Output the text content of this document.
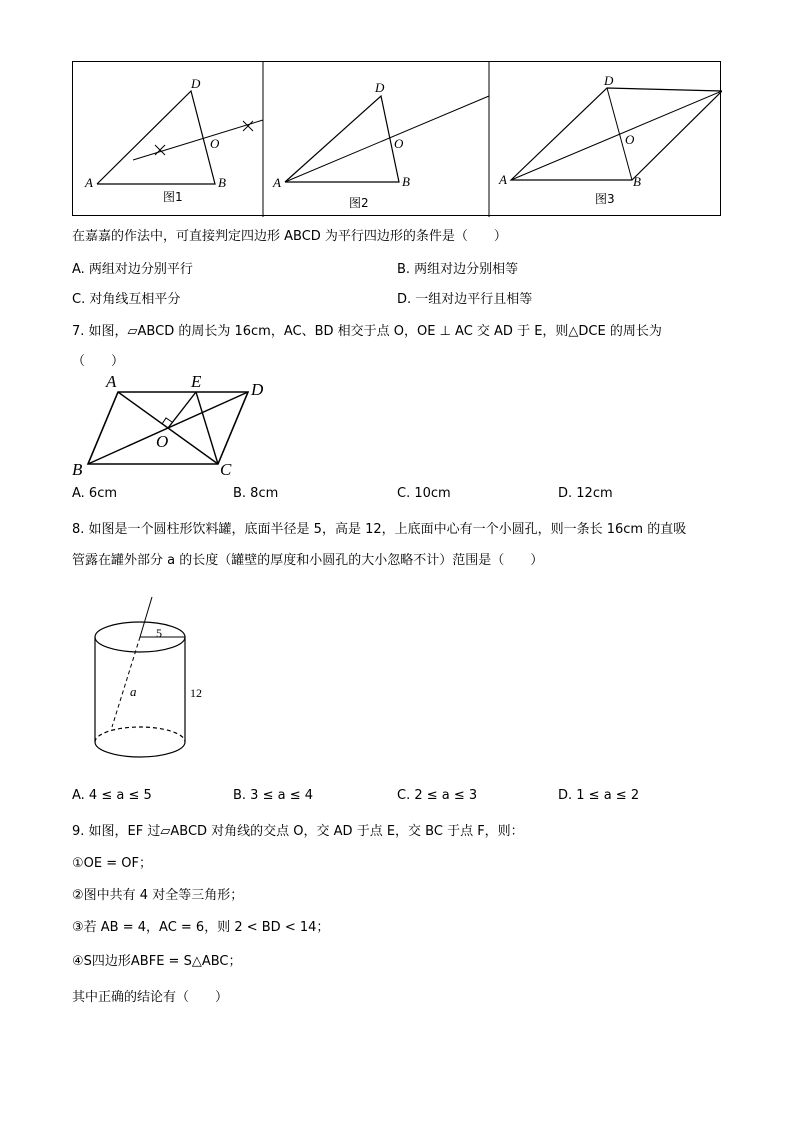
A
D
O
B
图1
A
D
O
B
图2
A
D
O
B
图3
在嘉嘉的作法中，可直接判定四边形 ABCD 为平行四边形的条件是（　　）
A. 两组对边分别平行	B. 两组对边分别相等
C. 对角线互相平分	D. 一组对边平行且相等
7. 如图，▱ABCD 的周长为 16cm，AC、BD 相交于点 O，OE ⊥ AC 交 AD 于 E，则△DCE 的周长为
（　　）
A	E	D
O
B	C
A. 6cm	B. 8cm	C. 10cm	D. 12cm
8. 如图是一个圆柱形饮料罐，底面半径是 5，高是 12，上底面中心有一个小圆孔，则一条长 16cm 的直吸
管露在罐外部分 a 的长度（罐壁的厚度和小圆孔的大小忽略不计）范围是（　　）
5
12
a
A. 4 ≤ a ≤ 5	B. 3 ≤ a ≤ 4	C. 2 ≤ a ≤ 3	D. 1 ≤ a ≤ 2
9. 如图，EF 过▱ABCD 对角线的交点 O，交 AD 于点 E，交 BC 于点 F，则：
①OE = OF；
②图中共有 4 对全等三角形；
③若 AB = 4，AC = 6，则 2 < BD < 14；
④S四边形ABFE = S△ABC；
其中正确的结论有（　　）
